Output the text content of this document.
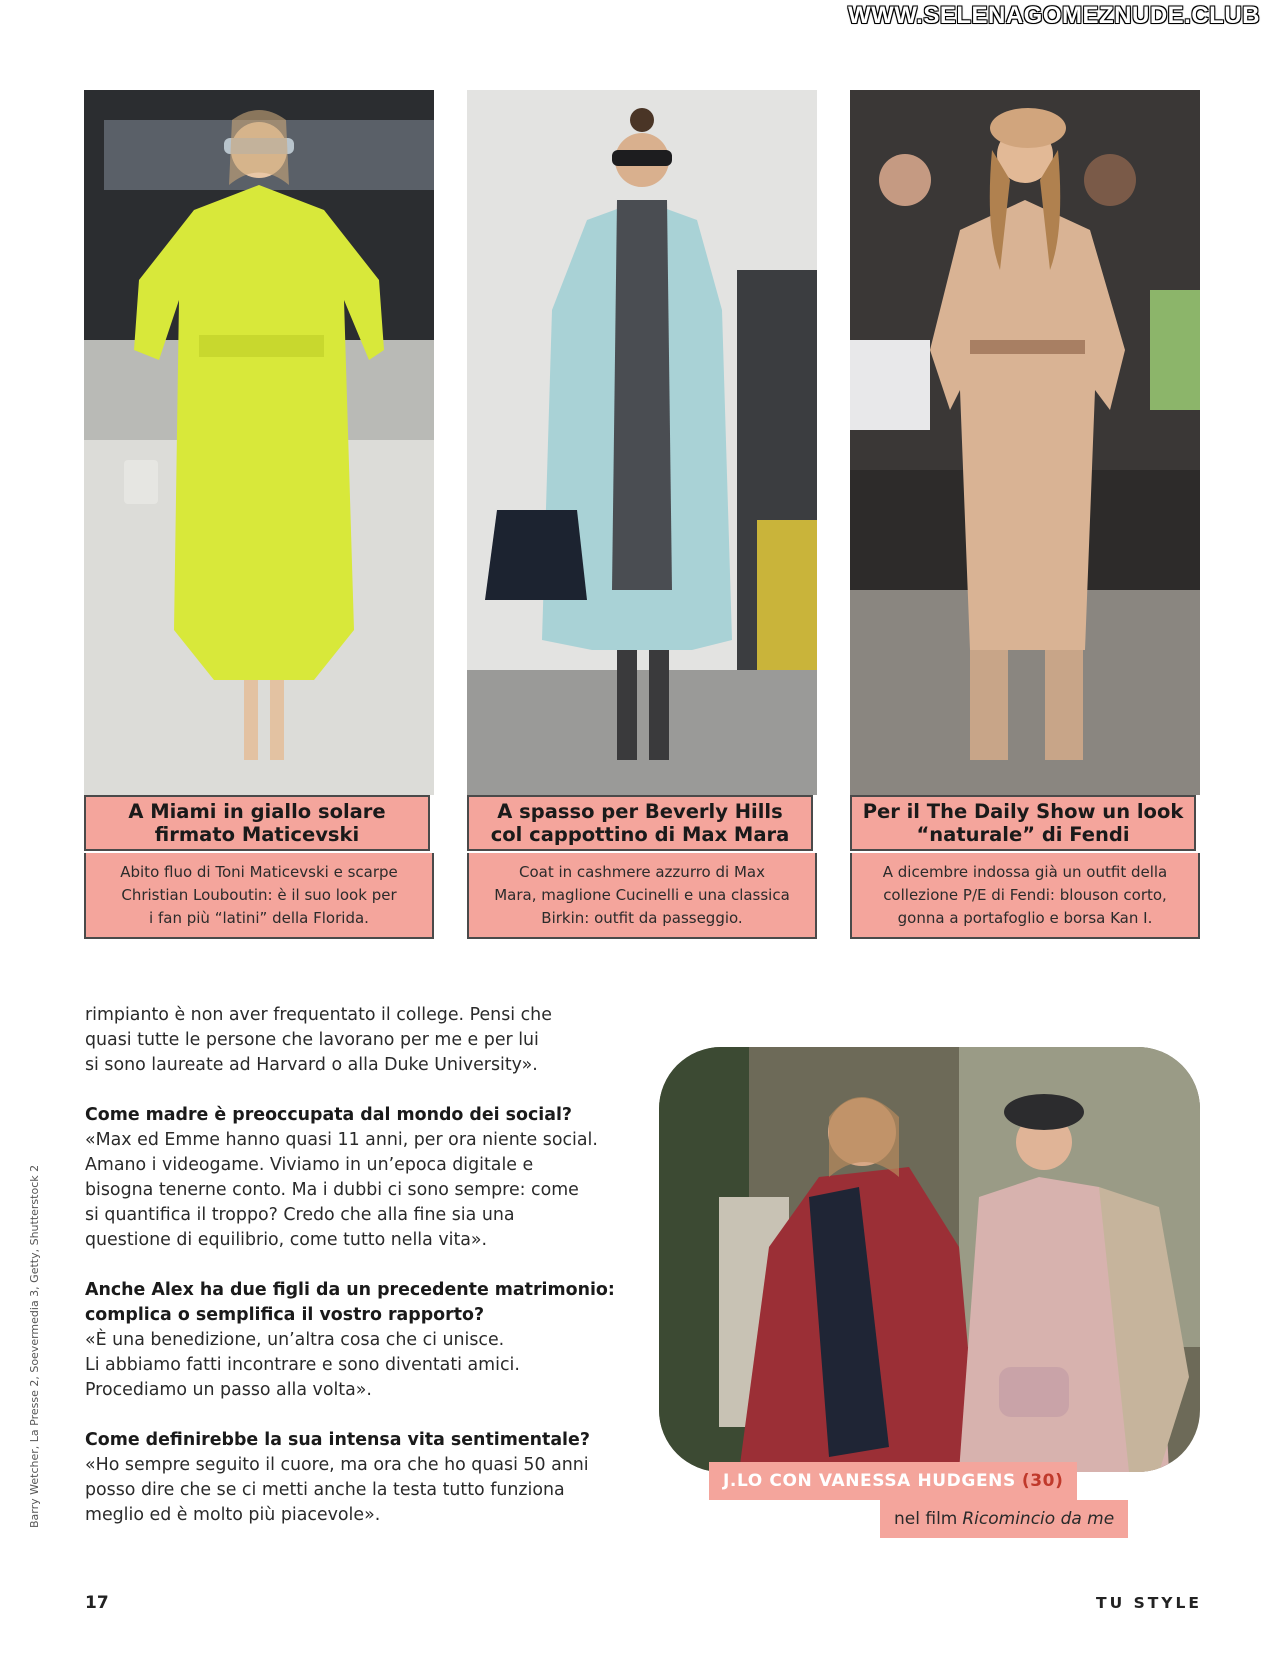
WWW.SELENAGOMEZNUDE.CLUB
A Miami in giallo solare
firmato Maticevski
Abito fluo di Toni Maticevski e scarpe
Christian Louboutin: è il suo look per
i fan più “latini” della Florida.
A spasso per Beverly Hills
col cappottino di Max Mara
Coat in cashmere azzurro di Max
Mara, maglione Cucinelli e una classica
Birkin: outfit da passeggio.
Per il The Daily Show un look
“naturale” di Fendi
A dicembre indossa già un outfit della
collezione P/E di Fendi: blouson corto,
gonna a portafoglio e borsa Kan I.

rimpianto è non aver frequentato il college. Pensi che
quasi tutte le persone che lavorano per me e per lui
si sono laureate ad Harvard o alla Duke University».

Come madre è preoccupata dal mondo dei social?
«Max ed Emme hanno quasi 11 anni, per ora niente social.
Amano i videogame. Viviamo in un’epoca digitale e
bisogna tenerne conto. Ma i dubbi ci sono sempre: come
si quantifica il troppo? Credo che alla fine sia una
questione di equilibrio, come tutto nella vita».

Anche Alex ha due figli da un precedente matrimonio:
complica o semplifica il vostro rapporto?
«È una benedizione, un’altra cosa che ci unisce.
Li abbiamo fatti incontrare e sono diventati amici.
Procediamo un passo alla volta».

Come definirebbe la sua intensa vita sentimentale?
«Ho sempre seguito il cuore, ma ora che ho quasi 50 anni
posso dire che se ci metti anche la testa tutto funziona
meglio ed è molto più piacevole».

Barry Wetcher, La Presse 2, Soevermedia 3, Getty, Shutterstock 2	J.LO CON VANESSA HUDGENS (30)
nel film Ricomincio da me
17	TU STYLE
